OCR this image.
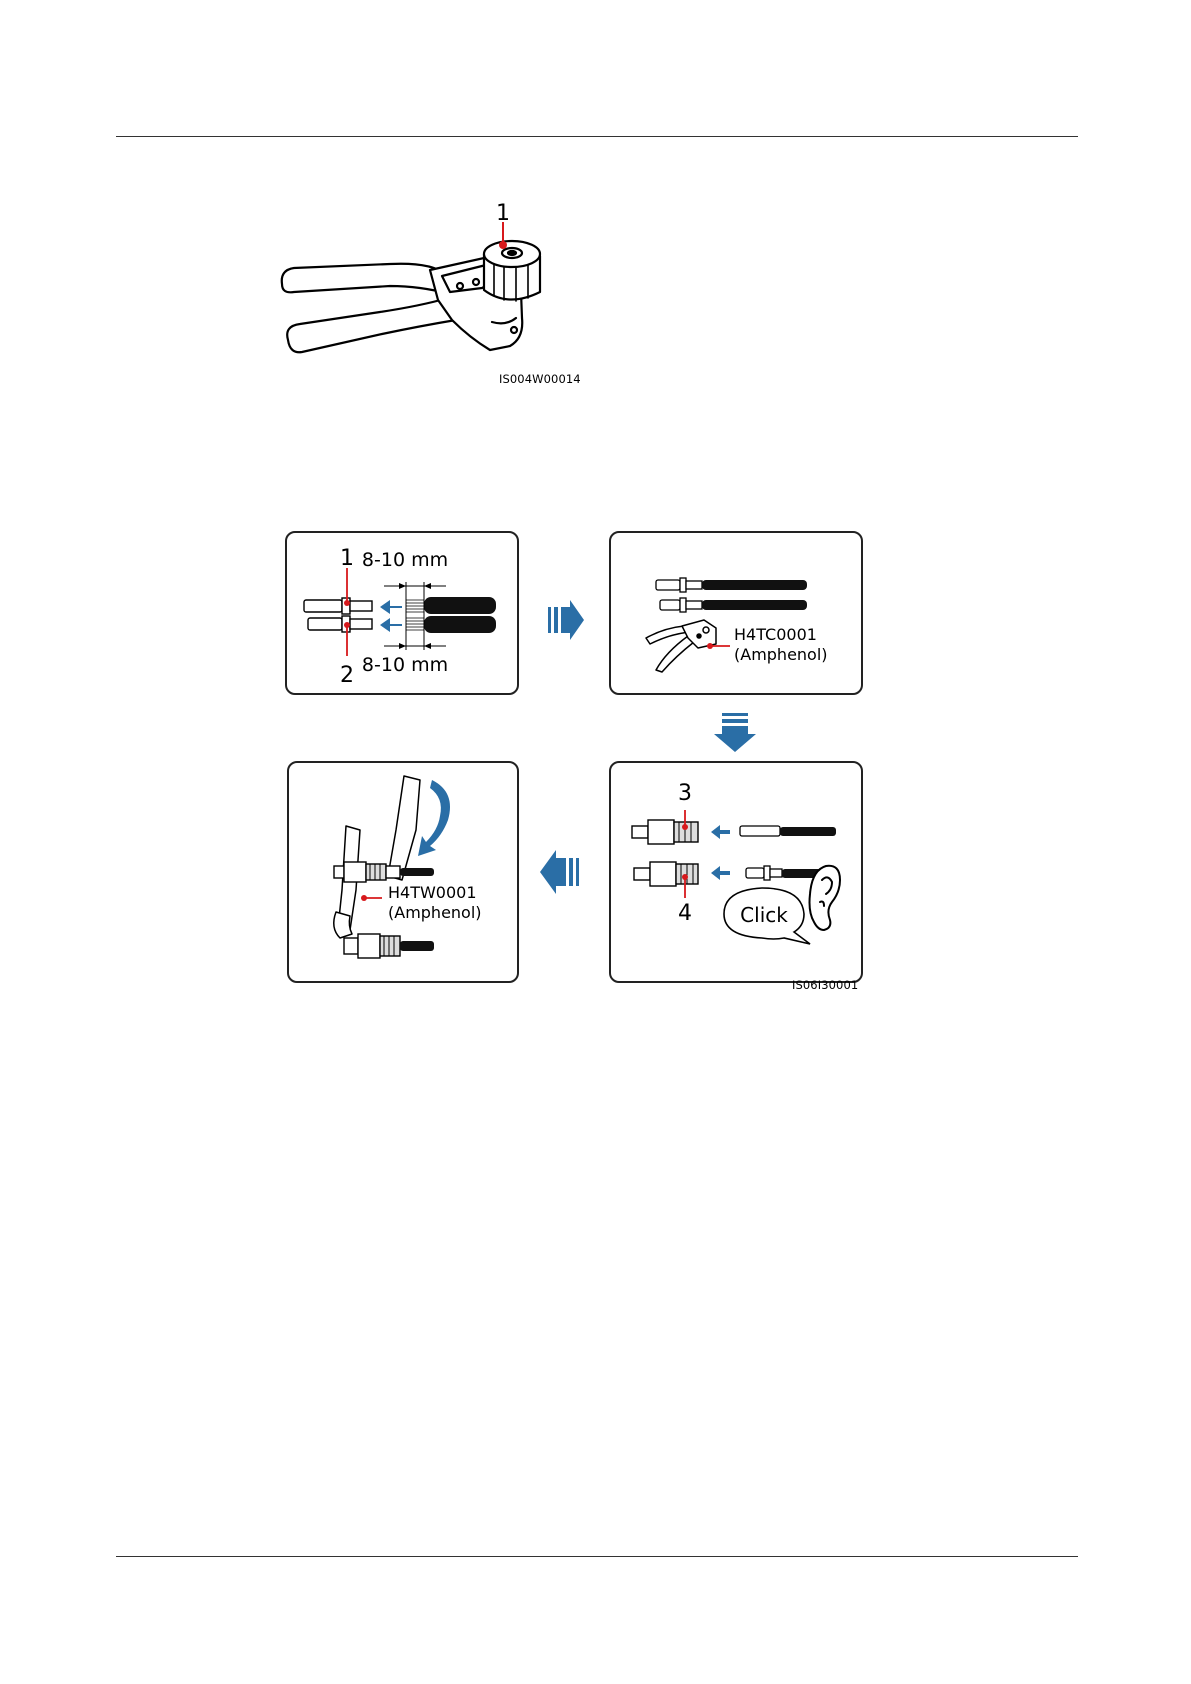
1
IS004W00014
8-10 mm
8-10 mm
1
2
H4TC0001
(Amphenol)
H4TW0001
(Amphenol)
3
4 Click
IS06I30001
